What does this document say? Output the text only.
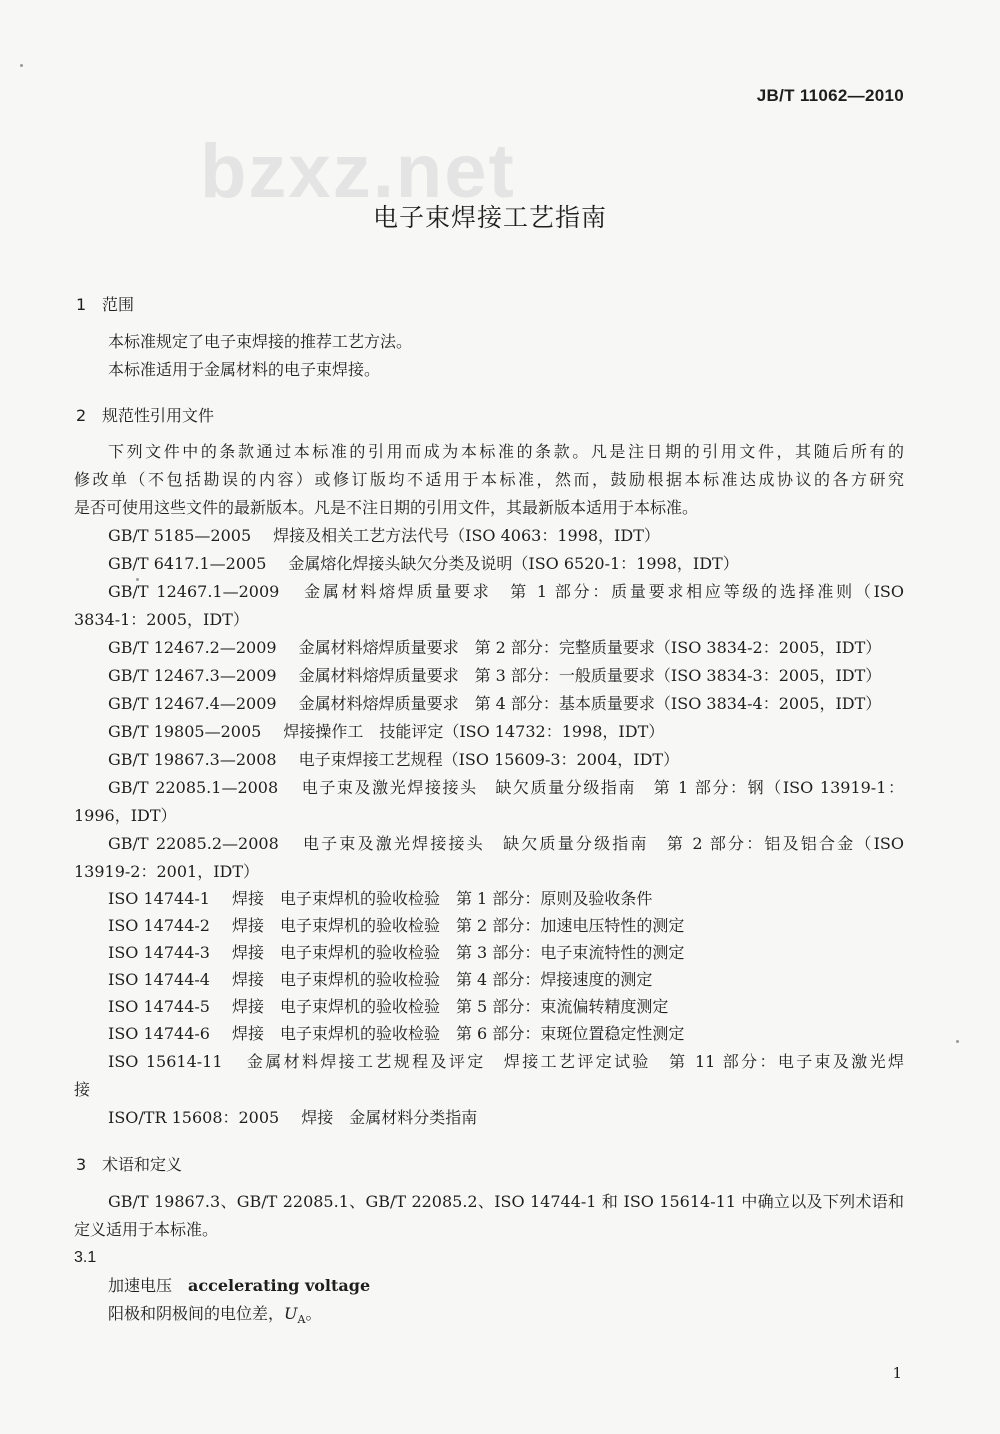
JB/T 11062—2010
bzxz.net
电子束焊接工艺指南
1 范围
本标准规定了电子束焊接的推荐工艺方法。
本标准适用于金属材料的电子束焊接。
2 规范性引用文件
下列文件中的条款通过本标准的引用而成为本标准的条款。凡是注日期的引用文件，其随后所有的
修改单（不包括勘误的内容）或修订版均不适用于本标准，然而，鼓励根据本标准达成协议的各方研究
是否可使用这些文件的最新版本。凡是不注日期的引用文件，其最新版本适用于本标准。
GB/T 5185—2005 焊接及相关工艺方法代号（ISO 4063：1998，IDT）
GB/T 6417.1—2005 金属熔化焊接头缺欠分类及说明（ISO 6520-1：1998，IDT）
GB/T 12467.1—2009 金属材料熔焊质量要求　第 1 部分：质量要求相应等级的选择准则（ISO
3834-1：2005，IDT）
GB/T 12467.2—2009 金属材料熔焊质量要求　第 2 部分：完整质量要求（ISO 3834-2：2005，IDT）
GB/T 12467.3—2009 金属材料熔焊质量要求　第 3 部分：一般质量要求（ISO 3834-3：2005，IDT）
GB/T 12467.4—2009 金属材料熔焊质量要求　第 4 部分：基本质量要求（ISO 3834-4：2005，IDT）
GB/T 19805—2005 焊接操作工　技能评定（ISO 14732：1998，IDT）
GB/T 19867.3—2008 电子束焊接工艺规程（ISO 15609-3：2004，IDT）
GB/T 22085.1—2008 电子束及激光焊接接头　缺欠质量分级指南　第 1 部分：钢（ISO 13919-1：
1996，IDT）
GB/T 22085.2—2008 电子束及激光焊接接头　缺欠质量分级指南　第 2 部分：铝及铝合金（ISO
13919-2：2001，IDT）
ISO 14744-1 焊接　电子束焊机的验收检验　第 1 部分：原则及验收条件
ISO 14744-2 焊接　电子束焊机的验收检验　第 2 部分：加速电压特性的测定
ISO 14744-3 焊接　电子束焊机的验收检验　第 3 部分：电子束流特性的测定
ISO 14744-4 焊接　电子束焊机的验收检验　第 4 部分：焊接速度的测定
ISO 14744-5 焊接　电子束焊机的验收检验　第 5 部分：束流偏转精度测定
ISO 14744-6 焊接　电子束焊机的验收检验　第 6 部分：束斑位置稳定性测定
ISO 15614-11 金属材料焊接工艺规程及评定　焊接工艺评定试验　第 11 部分：电子束及激光焊
接
ISO/TR 15608：2005 焊接　金属材料分类指南
3 术语和定义
GB/T 19867.3、GB/T 22085.1、GB/T 22085.2、ISO 14744-1 和 ISO 15614-11 中确立以及下列术语和
定义适用于本标准。
3.1
加速电压 accelerating voltage
阳极和阴极间的电位差，$U_A$。
1
